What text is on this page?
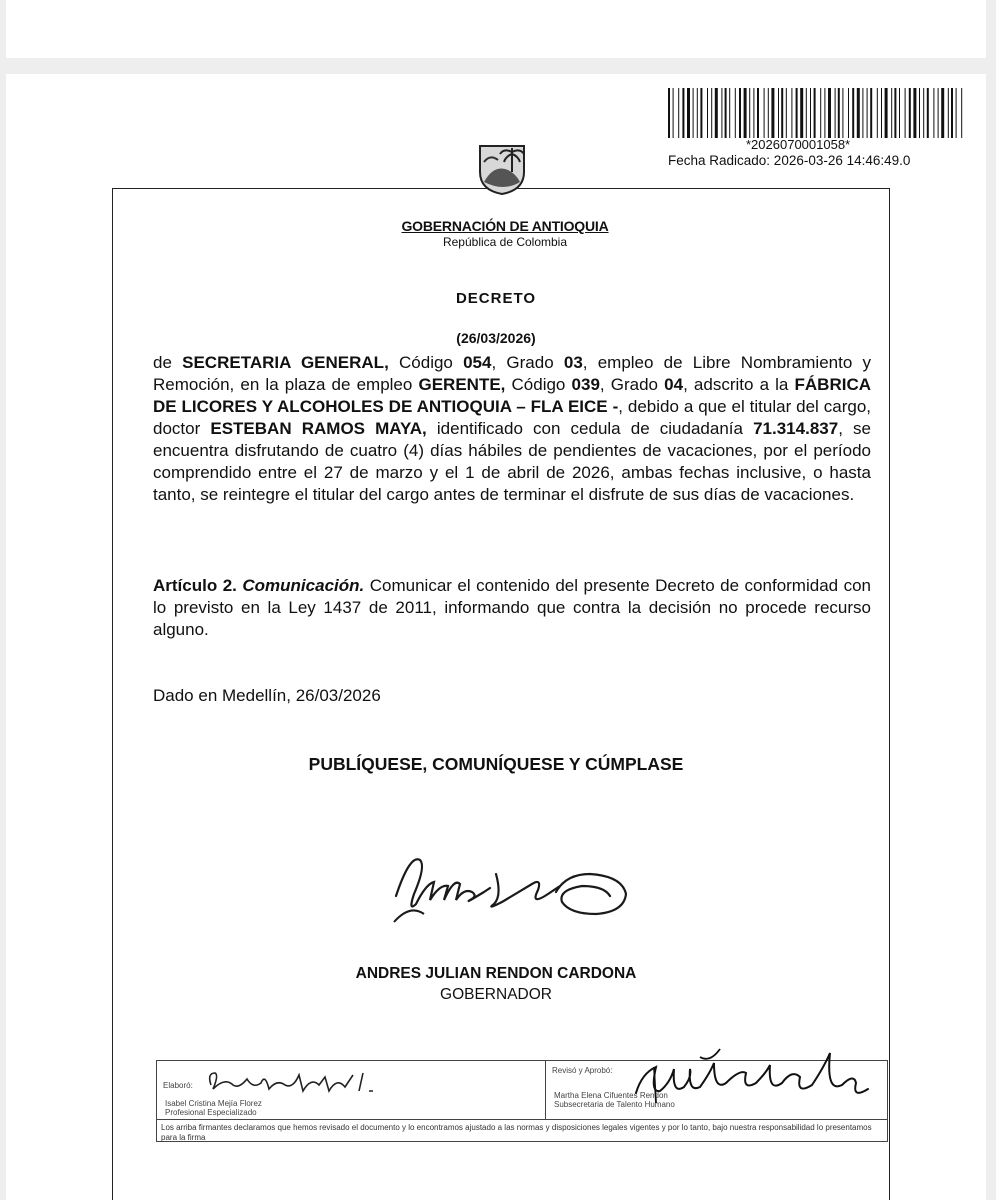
*2026070001058*
Fecha Radicado: 2026-03-26 14:46:49.0
GOBERNACIÓN DE ANTIOQUIA
República de Colombia
DECRETO
(26/03/2026)
de SECRETARIA GENERAL, Código 054, Grado 03, empleo de Libre Nombramiento y Remoción, en la plaza de empleo GERENTE, Código 039, Grado 04, adscrito a la FÁBRICA DE LICORES Y ALCOHOLES DE ANTIOQUIA – FLA EICE -, debido a que el titular del cargo, doctor ESTEBAN RAMOS MAYA, identificado con cedula de ciudadanía 71.314.837, se encuentra disfrutando de cuatro (4) días hábiles de pendientes de vacaciones, por el período comprendido entre el 27 de marzo y el 1 de abril de 2026, ambas fechas inclusive, o hasta tanto, se reintegre el titular del cargo antes de terminar el disfrute de sus días de vacaciones.
Artículo 2. Comunicación. Comunicar el contenido del presente Decreto de conformidad con lo previsto en la Ley 1437 de 2011, informando que contra la decisión no procede recurso alguno.
Dado en Medellín, 26/03/2026
PUBLÍQUESE, COMUNÍQUESE Y CÚMPLASE
ANDRES JULIAN RENDON CARDONA
GOBERNADOR
Elaboró:
Isabel Cristina Mejía Florez
Profesional Especializado
Revisó y Aprobó:
Martha Elena Cifuentes Rendon
Subsecretaria de Talento Humano
Los arriba firmantes declaramos que hemos revisado el documento y lo encontramos ajustado a las normas y disposiciones legales vigentes y por lo tanto, bajo nuestra responsabilidad lo presentamos para la firma
